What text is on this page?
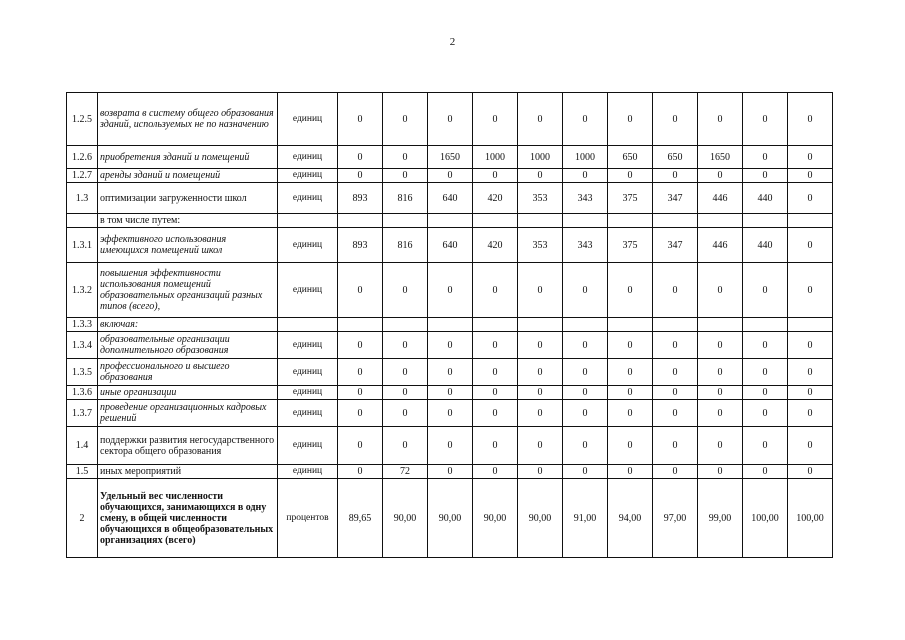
2
1.2.5	возврата в систему общего образования зданий, используемых не по назначению	единиц	0	0	0	0	0	0	0	0	0	0	0
1.2.6	приобретения зданий и помещений	единиц	0	0	1650	1000	1000	1000	650	650	1650	0	0
1.2.7	аренды зданий и помещений	единиц	0	0	0	0	0	0	0	0	0	0	0
1.3	оптимизации загруженности школ	единиц	893	816	640	420	353	343	375	347	446	440	0
	в том числе путем:												
1.3.1	эффективного использования имеющихся помещений школ	единиц	893	816	640	420	353	343	375	347	446	440	0
1.3.2	повышения эффективности использования помещений образовательных организаций разных типов (всего),	единиц	0	0	0	0	0	0	0	0	0	0	0
1.3.3	включая:												
1.3.4	образовательные организации дополнительного образования	единиц	0	0	0	0	0	0	0	0	0	0	0
1.3.5	профессионального и высшего образования	единиц	0	0	0	0	0	0	0	0	0	0	0
1.3.6	иные организации	единиц	0	0	0	0	0	0	0	0	0	0	0
1.3.7	проведение организационных кадровых решений	единиц	0	0	0	0	0	0	0	0	0	0	0
1.4	поддержки развития негосударственного сектора общего образования	единиц	0	0	0	0	0	0	0	0	0	0	0
1.5	иных мероприятий	единиц	0	72	0	0	0	0	0	0	0	0	0
2	Удельный вес численности обучающихся, занимающихся в одну смену, в общей численности обучающихся в общеобразовательных организациях (всего)	процентов	89,65	90,00	90,00	90,00	90,00	91,00	94,00	97,00	99,00	100,00	100,00
